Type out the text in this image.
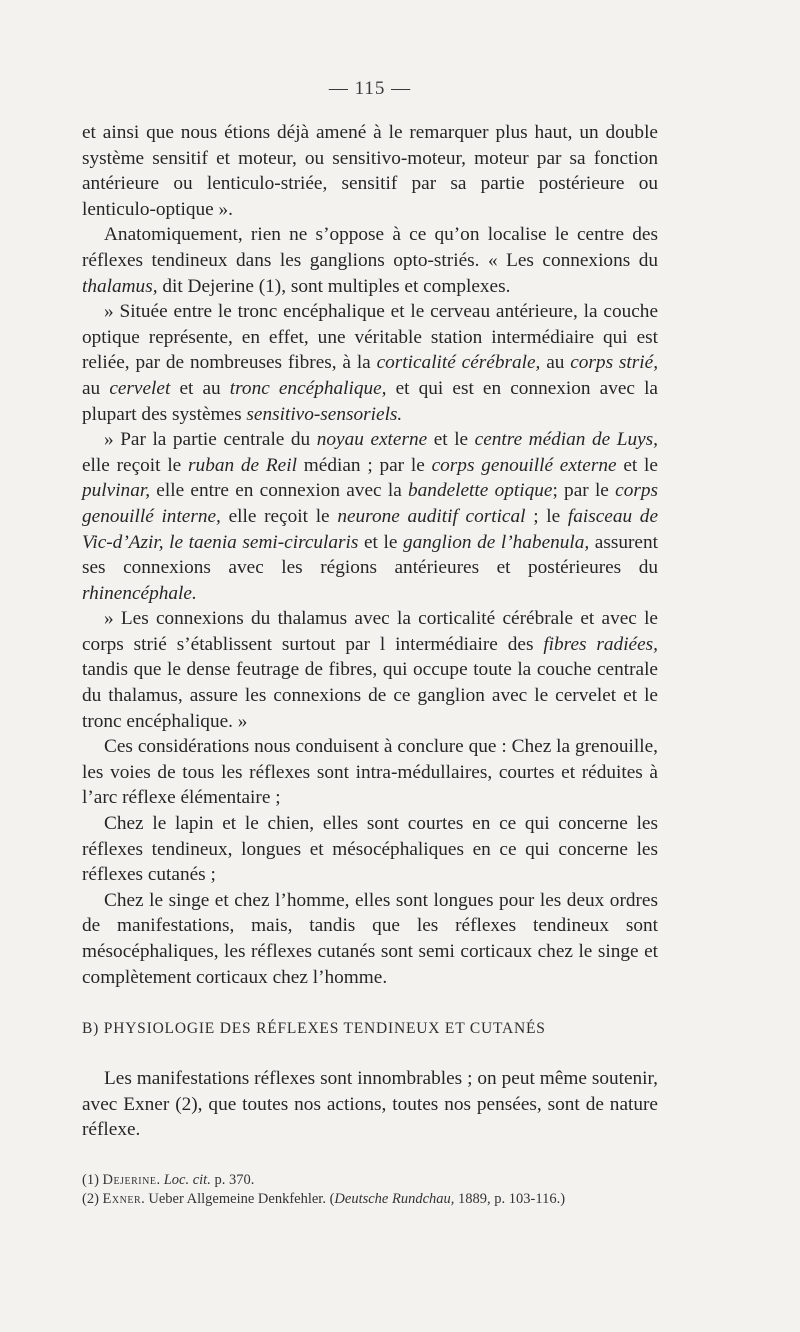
— 115 —

et ainsi que nous étions déjà amené à le remarquer plus haut, un double système sensitif et moteur, ou sensitivo-moteur, moteur par sa fonction antérieure ou lenticulo-striée, sensitif par sa partie postérieure ou lenticulo-optique ».

Anatomiquement, rien ne s’oppose à ce qu’on localise le centre des réflexes tendineux dans les ganglions opto-striés. « Les connexions du thalamus, dit Dejerine (1), sont multiples et complexes.

» Située entre le tronc encéphalique et le cerveau antérieure, la couche optique représente, en effet, une véritable station intermédiaire qui est reliée, par de nombreuses fibres, à la corticalité cérébrale, au corps strié, au cervelet et au tronc encéphalique, et qui est en connexion avec la plupart des systèmes sensitivo-sensoriels.

» Par la partie centrale du noyau externe et le centre médian de Luys, elle reçoit le ruban de Reil médian ; par le corps genouillé externe et le pulvinar, elle entre en connexion avec la bandelette optique; par le corps genouillé interne, elle reçoit le neurone auditif cortical ; le faisceau de Vic-d’Azir, le taenia semi-circularis et le ganglion de l’habenula, assurent ses connexions avec les régions antérieures et postérieures du rhinencéphale.

» Les connexions du thalamus avec la corticalité cérébrale et avec le corps strié s’établissent surtout par l intermédiaire des fibres radiées, tandis que le dense feutrage de fibres, qui occupe toute la couche centrale du thalamus, assure les connexions de ce ganglion avec le cervelet et le tronc encéphalique. »

Ces considérations nous conduisent à conclure que : Chez la grenouille, les voies de tous les réflexes sont intra-médullaires, courtes et réduites à l’arc réflexe élémentaire ;

Chez le lapin et le chien, elles sont courtes en ce qui concerne les réflexes tendineux, longues et mésocéphaliques en ce qui concerne les réflexes cutanés ;

Chez le singe et chez l’homme, elles sont longues pour les deux ordres de manifestations, mais, tandis que les réflexes tendineux sont mésocéphaliques, les réflexes cutanés sont semi corticaux chez le singe et complètement corticaux chez l’homme.

B) PHYSIOLOGIE DES RÉFLEXES TENDINEUX ET CUTANÉS

Les manifestations réflexes sont innombrables ; on peut même soutenir, avec Exner (2), que toutes nos actions, toutes nos pensées, sont de nature réflexe.

(1) Dejerine. Loc. cit. p. 370.

(2) Exner. Ueber Allgemeine Denkfehler. (Deutsche Rundchau, 1889, p. 103-116.)
